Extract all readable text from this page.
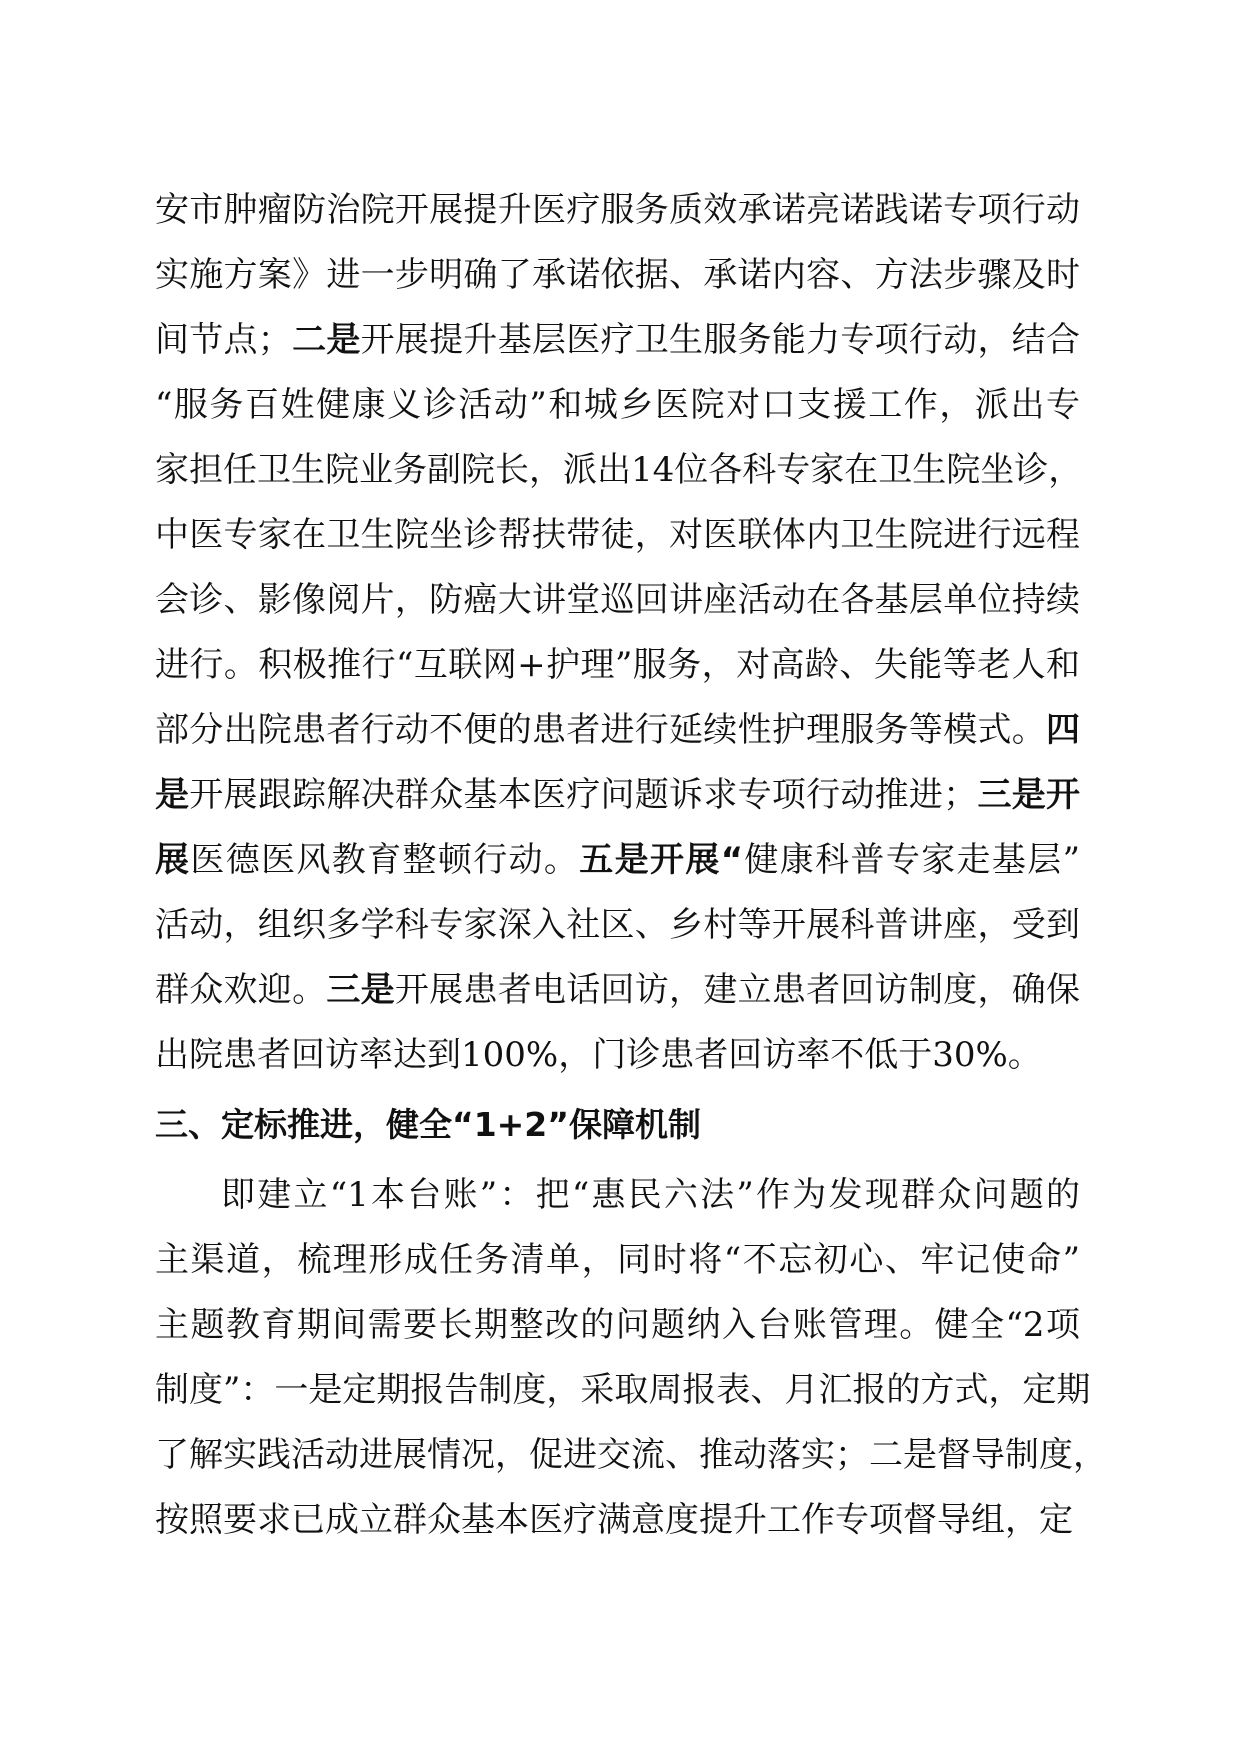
安市肿瘤防治院开展提升医疗服务质效承诺亮诺践诺专项行动
实施方案》进一步明确了承诺依据、承诺内容、方法步骤及时
间节点；二是开展提升基层医疗卫生服务能力专项行动，结合
“服务百姓健康义诊活动”和城乡医院对口支援工作，派出专
家担任卫生院业务副院长，派出14位各科专家在卫生院坐诊，
中医专家在卫生院坐诊帮扶带徒，对医联体内卫生院进行远程
会诊、影像阅片，防癌大讲堂巡回讲座活动在各基层单位持续
进行。积极推行“互联网+护理”服务，对高龄、失能等老人和
部分出院患者行动不便的患者进行延续性护理服务等模式。四
是开展跟踪解决群众基本医疗问题诉求专项行动推进；三是开
展医德医风教育整顿行动。五是开展“健康科普专家走基层”
活动，组织多学科专家深入社区、乡村等开展科普讲座，受到
群众欢迎。三是开展患者电话回访，建立患者回访制度，确保
出院患者回访率达到100%，门诊患者回访率不低于30%。
三、定标推进，健全“1+2”保障机制
即建立“1本台账”：把“惠民六法”作为发现群众问题的
主渠道，梳理形成任务清单，同时将“不忘初心、牢记使命”
主题教育期间需要长期整改的问题纳入台账管理。健全“2项
制度”：一是定期报告制度，采取周报表、月汇报的方式，定期
了解实践活动进展情况，促进交流、推动落实；二是督导制度，
按照要求已成立群众基本医疗满意度提升工作专项督导组，定
